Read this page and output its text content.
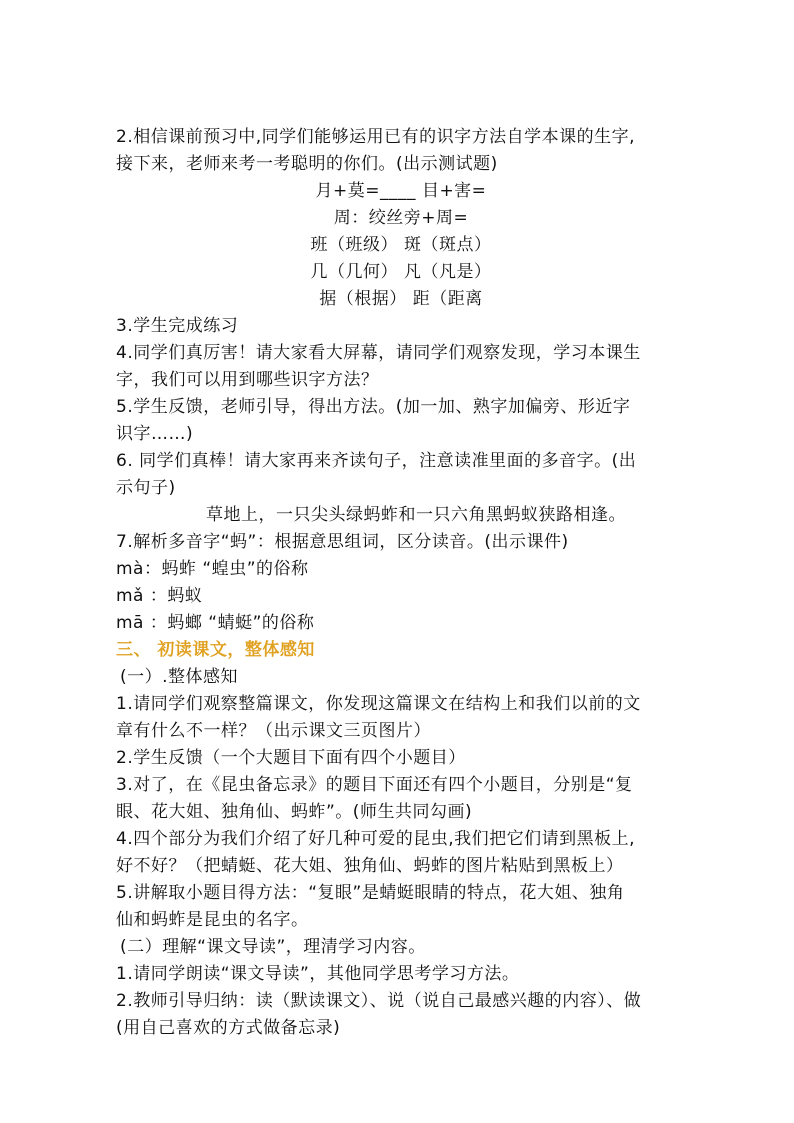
2.相信课前预习中,同学们能够运用已有的识字方法自学本课的生字,
接下来，老师来考一考聪明的你们。(出示测试题)
月+莫=____ 目+害=
周：绞丝旁+周=
班（班级） 斑（斑点）
几（几何） 凡（凡是）
据（根据） 距（距离
3.学生完成练习
4.同学们真厉害！请大家看大屏幕，请同学们观察发现，学习本课生
字，我们可以用到哪些识字方法？
5.学生反馈，老师引导，得出方法。(加一加、熟字加偏旁、形近字
识字……)
6. 同学们真棒！请大家再来齐读句子，注意读准里面的多音字。(出
示句子)
草地上，一只尖头绿蚂蚱和一只六角黑蚂蚁狭路相逢。
7.解析多音字“蚂”：根据意思组词，区分读音。(出示课件)
mà：蚂蚱 “蝗虫”的俗称
mǎ ：蚂蚁
mā ：蚂螂 “蜻蜓”的俗称
三、 初读课文，整体感知
(一）.整体感知
1.请同学们观察整篇课文，你发现这篇课文在结构上和我们以前的文
章有什么不一样？（出示课文三页图片）
2.学生反馈（一个大题目下面有四个小题目）
3.对了，在《昆虫备忘录》的题目下面还有四个小题目，分别是“复
眼、花大姐、独角仙、蚂蚱”。(师生共同勾画)
4.四个部分为我们介绍了好几种可爱的昆虫,我们把它们请到黑板上,
好不好？（把蜻蜓、花大姐、独角仙、蚂蚱的图片粘贴到黑板上）
5.讲解取小题目得方法：“复眼”是蜻蜓眼睛的特点，花大姐、独角
仙和蚂蚱是昆虫的名字。
(二）理解“课文导读”，理清学习内容。
1.请同学朗读“课文导读”，其他同学思考学习方法。
2.教师引导归纳：读（默读课文）、说（说自己最感兴趣的内容）、做
(用自己喜欢的方式做备忘录)
